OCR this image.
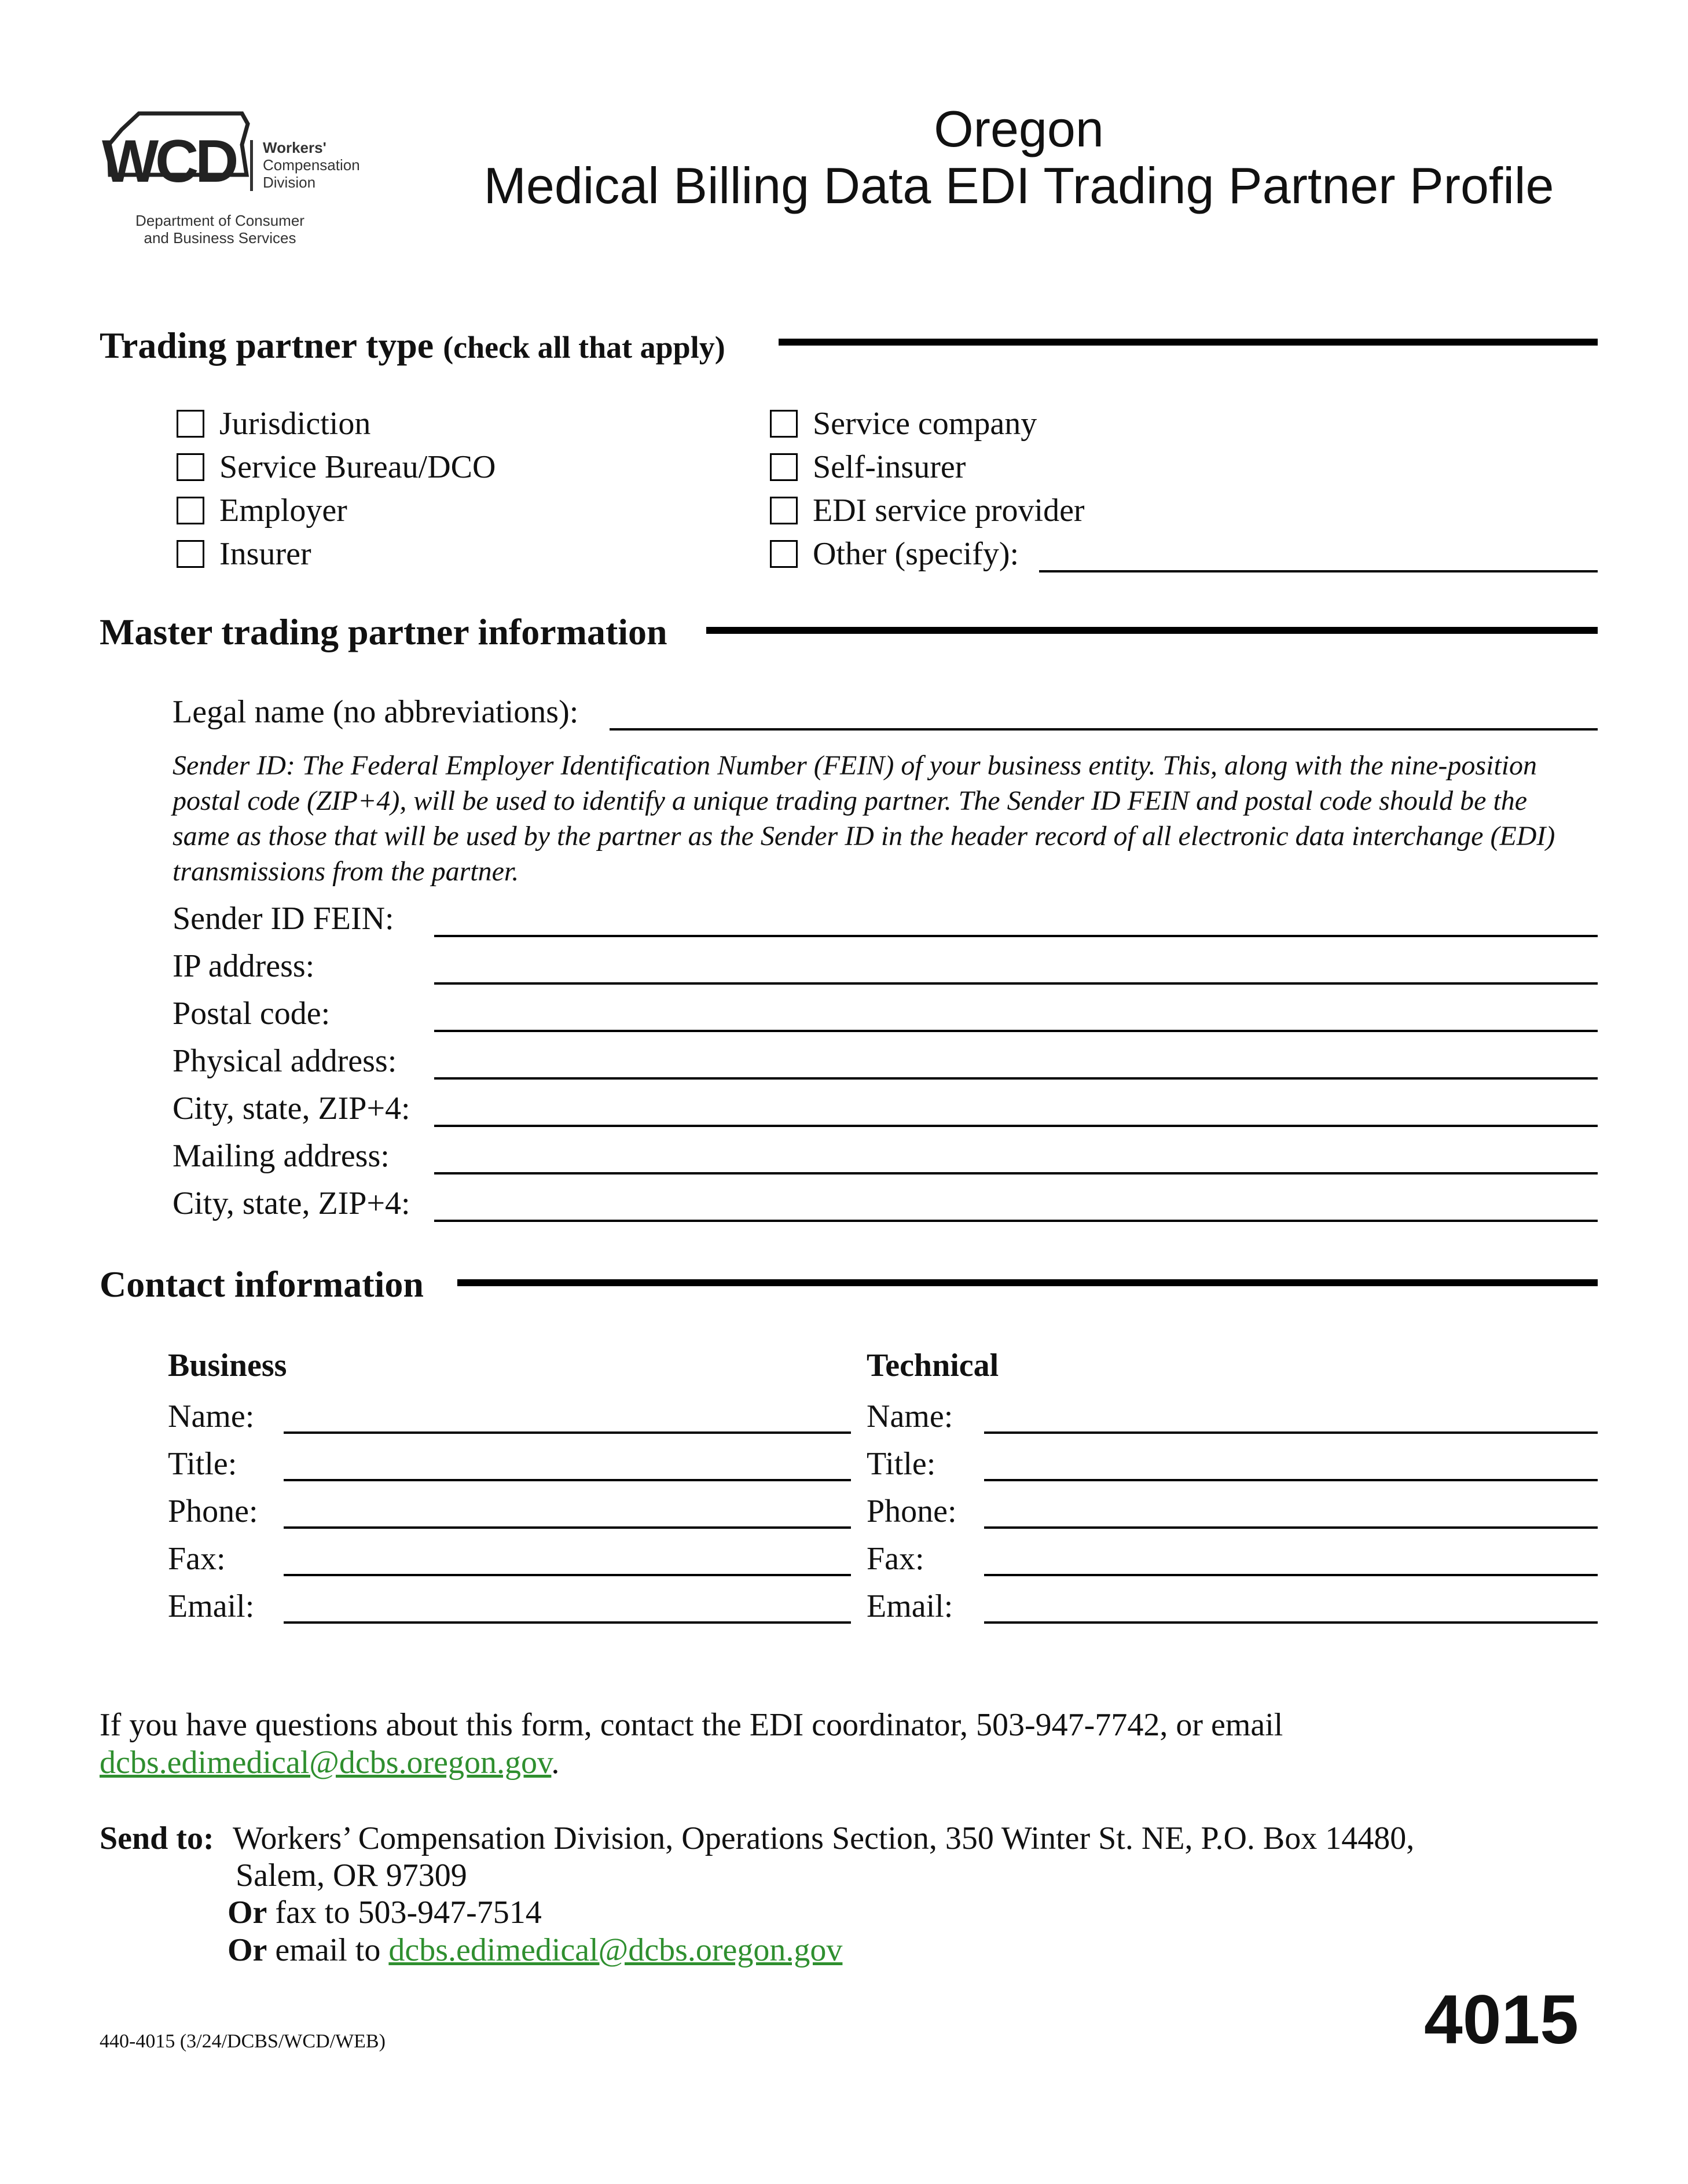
WCD Workers'
Compensation
Division
Department of Consumer
and Business Services
Oregon
Medical Billing Data EDI Trading Partner Profile
Trading partner type (check all that apply)
Jurisdiction
Service Bureau/DCO
Employer
Insurer
Service company
Self-insurer
EDI service provider
Other (specify):
Master trading partner information
Legal name (no abbreviations):
Sender ID: The Federal Employer Identification Number (FEIN) of your business entity. This, along with the nine-position postal code (ZIP+4), will be used to identify a unique trading partner. The Sender ID FEIN and postal code should be the same as those that will be used by the partner as the Sender ID in the header record of all electronic data interchange (EDI) transmissions from the partner.
Sender ID FEIN:
IP address:
Postal code:
Physical address:
City, state, ZIP+4:
Mailing address:
City, state, ZIP+4:
Contact information
Business	Technical
Name:
Title:
Phone:
Fax:
Email:
Name:
Title:
Phone:
Fax:
Email:
If you have questions about this form, contact the EDI coordinator, 503-947-7742, or email
dcbs.edimedical@dcbs.oregon.gov.
Send to: Workers’ Compensation Division, Operations Section, 350 Winter St. NE, P.O. Box 14480,
Salem, OR 97309
Or fax to 503-947-7514
Or email to dcbs.edimedical@dcbs.oregon.gov
440-4015 (3/24/DCBS/WCD/WEB)	4015
